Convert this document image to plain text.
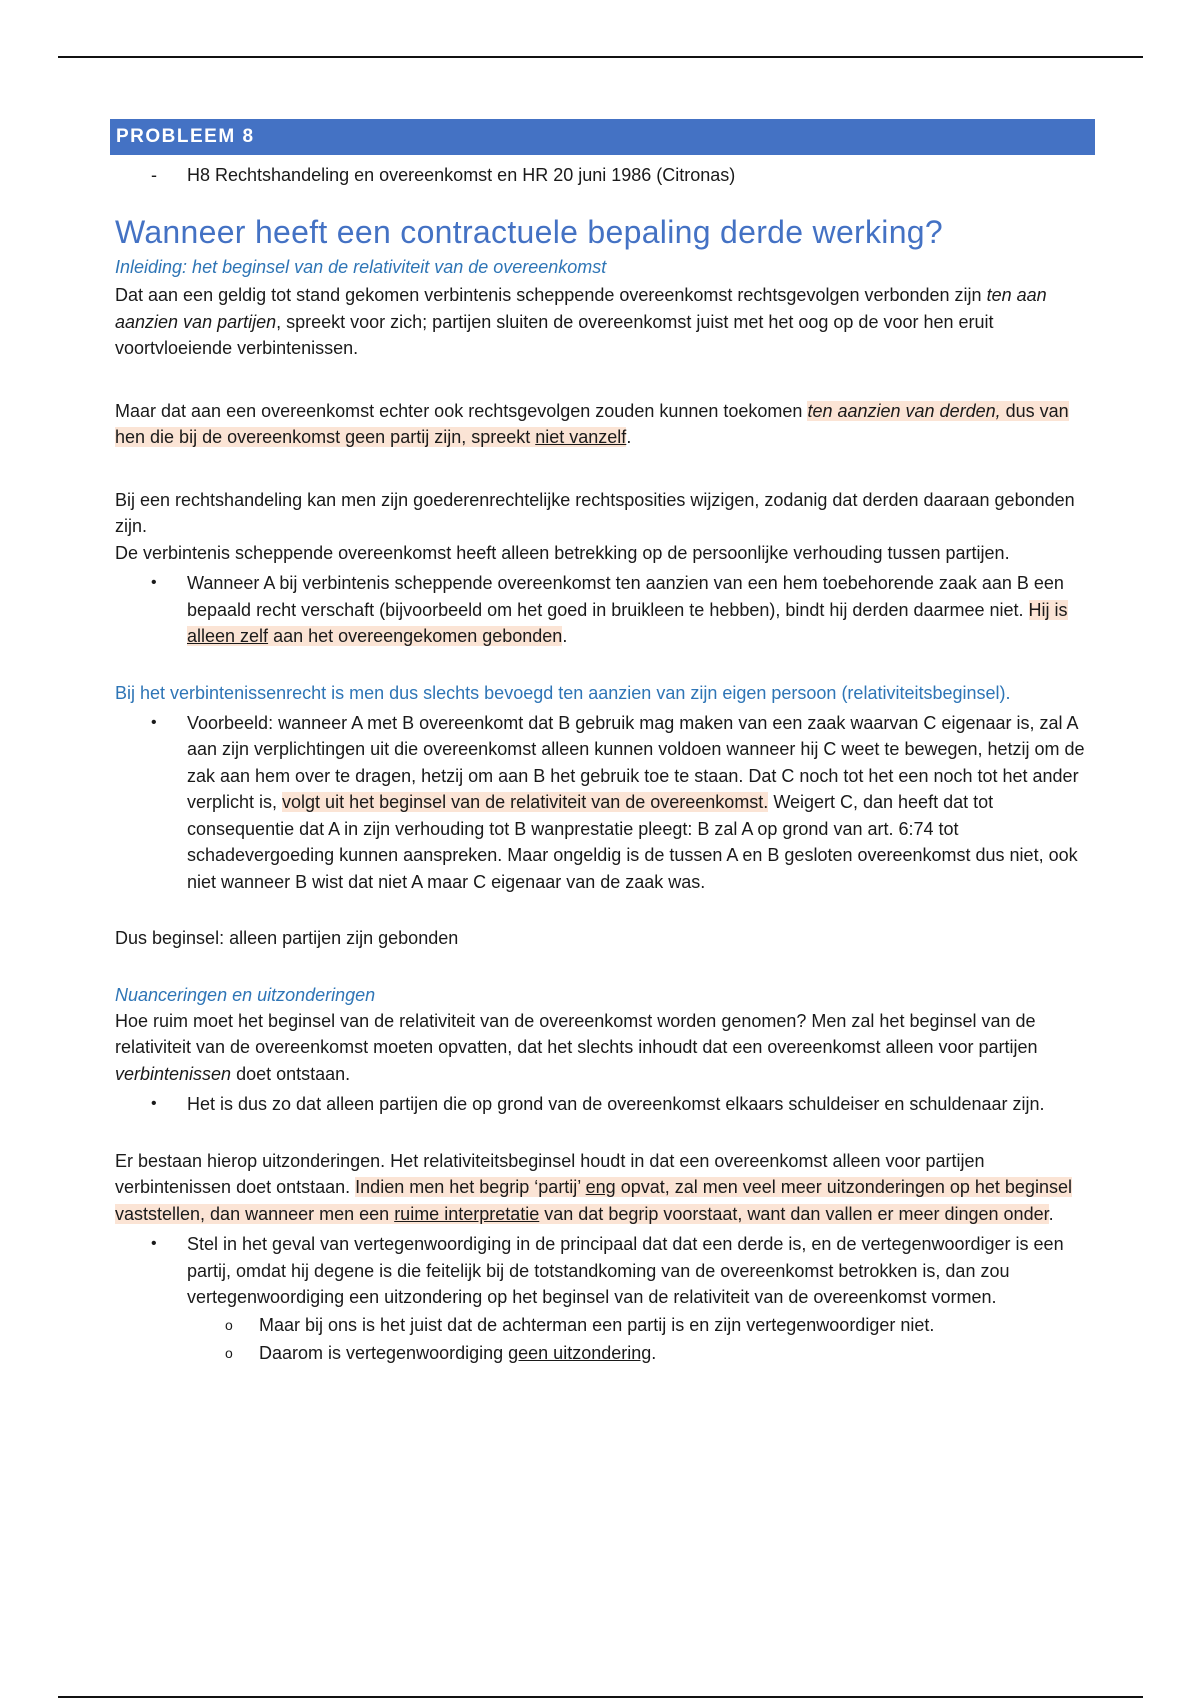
PROBLEEM 8
- H8 Rechtshandeling en overeenkomst en HR 20 juni 1986 (Citronas)
Wanneer heeft een contractuele bepaling derde werking?

Inleiding: het beginsel van de relativiteit van de overeenkomst

Dat aan een geldig tot stand gekomen verbintenis scheppende overeenkomst rechtsgevolgen verbonden zijn ten aan aanzien van partijen, spreekt voor zich; partijen sluiten de overeenkomst juist met het oog op de voor hen eruit voortvloeiende verbintenissen.

Maar dat aan een overeenkomst echter ook rechtsgevolgen zouden kunnen toekomen ten aanzien van derden, dus van hen die bij de overeenkomst geen partij zijn, spreekt niet vanzelf.

Bij een rechtshandeling kan men zijn goederenrechtelijke rechtsposities wijzigen, zodanig dat derden daaraan gebonden zijn.

De verbintenis scheppende overeenkomst heeft alleen betrekking op de persoonlijke verhouding tussen partijen.

• Wanneer A bij verbintenis scheppende overeenkomst ten aanzien van een hem toebehorende zaak aan B een bepaald recht verschaft (bijvoorbeeld om het goed in bruikleen te hebben), bindt hij derden daarmee niet. Hij is alleen zelf aan het overeengekomen gebonden.

Bij het verbintenissenrecht is men dus slechts bevoegd ten aanzien van zijn eigen persoon (relativiteitsbeginsel).

• Voorbeeld: wanneer A met B overeenkomt dat B gebruik mag maken van een zaak waarvan C eigenaar is, zal A aan zijn verplichtingen uit die overeenkomst alleen kunnen voldoen wanneer hij C weet te bewegen, hetzij om de zak aan hem over te dragen, hetzij om aan B het gebruik toe te staan. Dat C noch tot het een noch tot het ander verplicht is, volgt uit het beginsel van de relativiteit van de overeenkomst. Weigert C, dan heeft dat tot consequentie dat A in zijn verhouding tot B wanprestatie pleegt: B zal A op grond van art. 6:74 tot schadevergoeding kunnen aanspreken. Maar ongeldig is de tussen A en B gesloten overeenkomst dus niet, ook niet wanneer B wist dat niet A maar C eigenaar van de zaak was.

Dus beginsel: alleen partijen zijn gebonden

Nuanceringen en uitzonderingen

Hoe ruim moet het beginsel van de relativiteit van de overeenkomst worden genomen? Men zal het beginsel van de relativiteit van de overeenkomst moeten opvatten, dat het slechts inhoudt dat een overeenkomst alleen voor partijen verbintenissen doet ontstaan.

• Het is dus zo dat alleen partijen die op grond van de overeenkomst elkaars schuldeiser en schuldenaar zijn.

Er bestaan hierop uitzonderingen. Het relativiteitsbeginsel houdt in dat een overeenkomst alleen voor partijen verbintenissen doet ontstaan. Indien men het begrip ‘partij’ eng opvat, zal men veel meer uitzonderingen op het beginsel vaststellen, dan wanneer men een ruime interpretatie van dat begrip voorstaat, want dan vallen er meer dingen onder.

• Stel in het geval van vertegenwoordiging in de principaal dat dat een derde is, en de vertegenwoordiger is een partij, omdat hij degene is die feitelijk bij de totstandkoming van de overeenkomst betrokken is, dan zou vertegenwoordiging een uitzondering op het beginsel van de relativiteit van de overeenkomst vormen.
o Maar bij ons is het juist dat de achterman een partij is en zijn vertegenwoordiger niet.
o Daarom is vertegenwoordiging geen uitzondering.
